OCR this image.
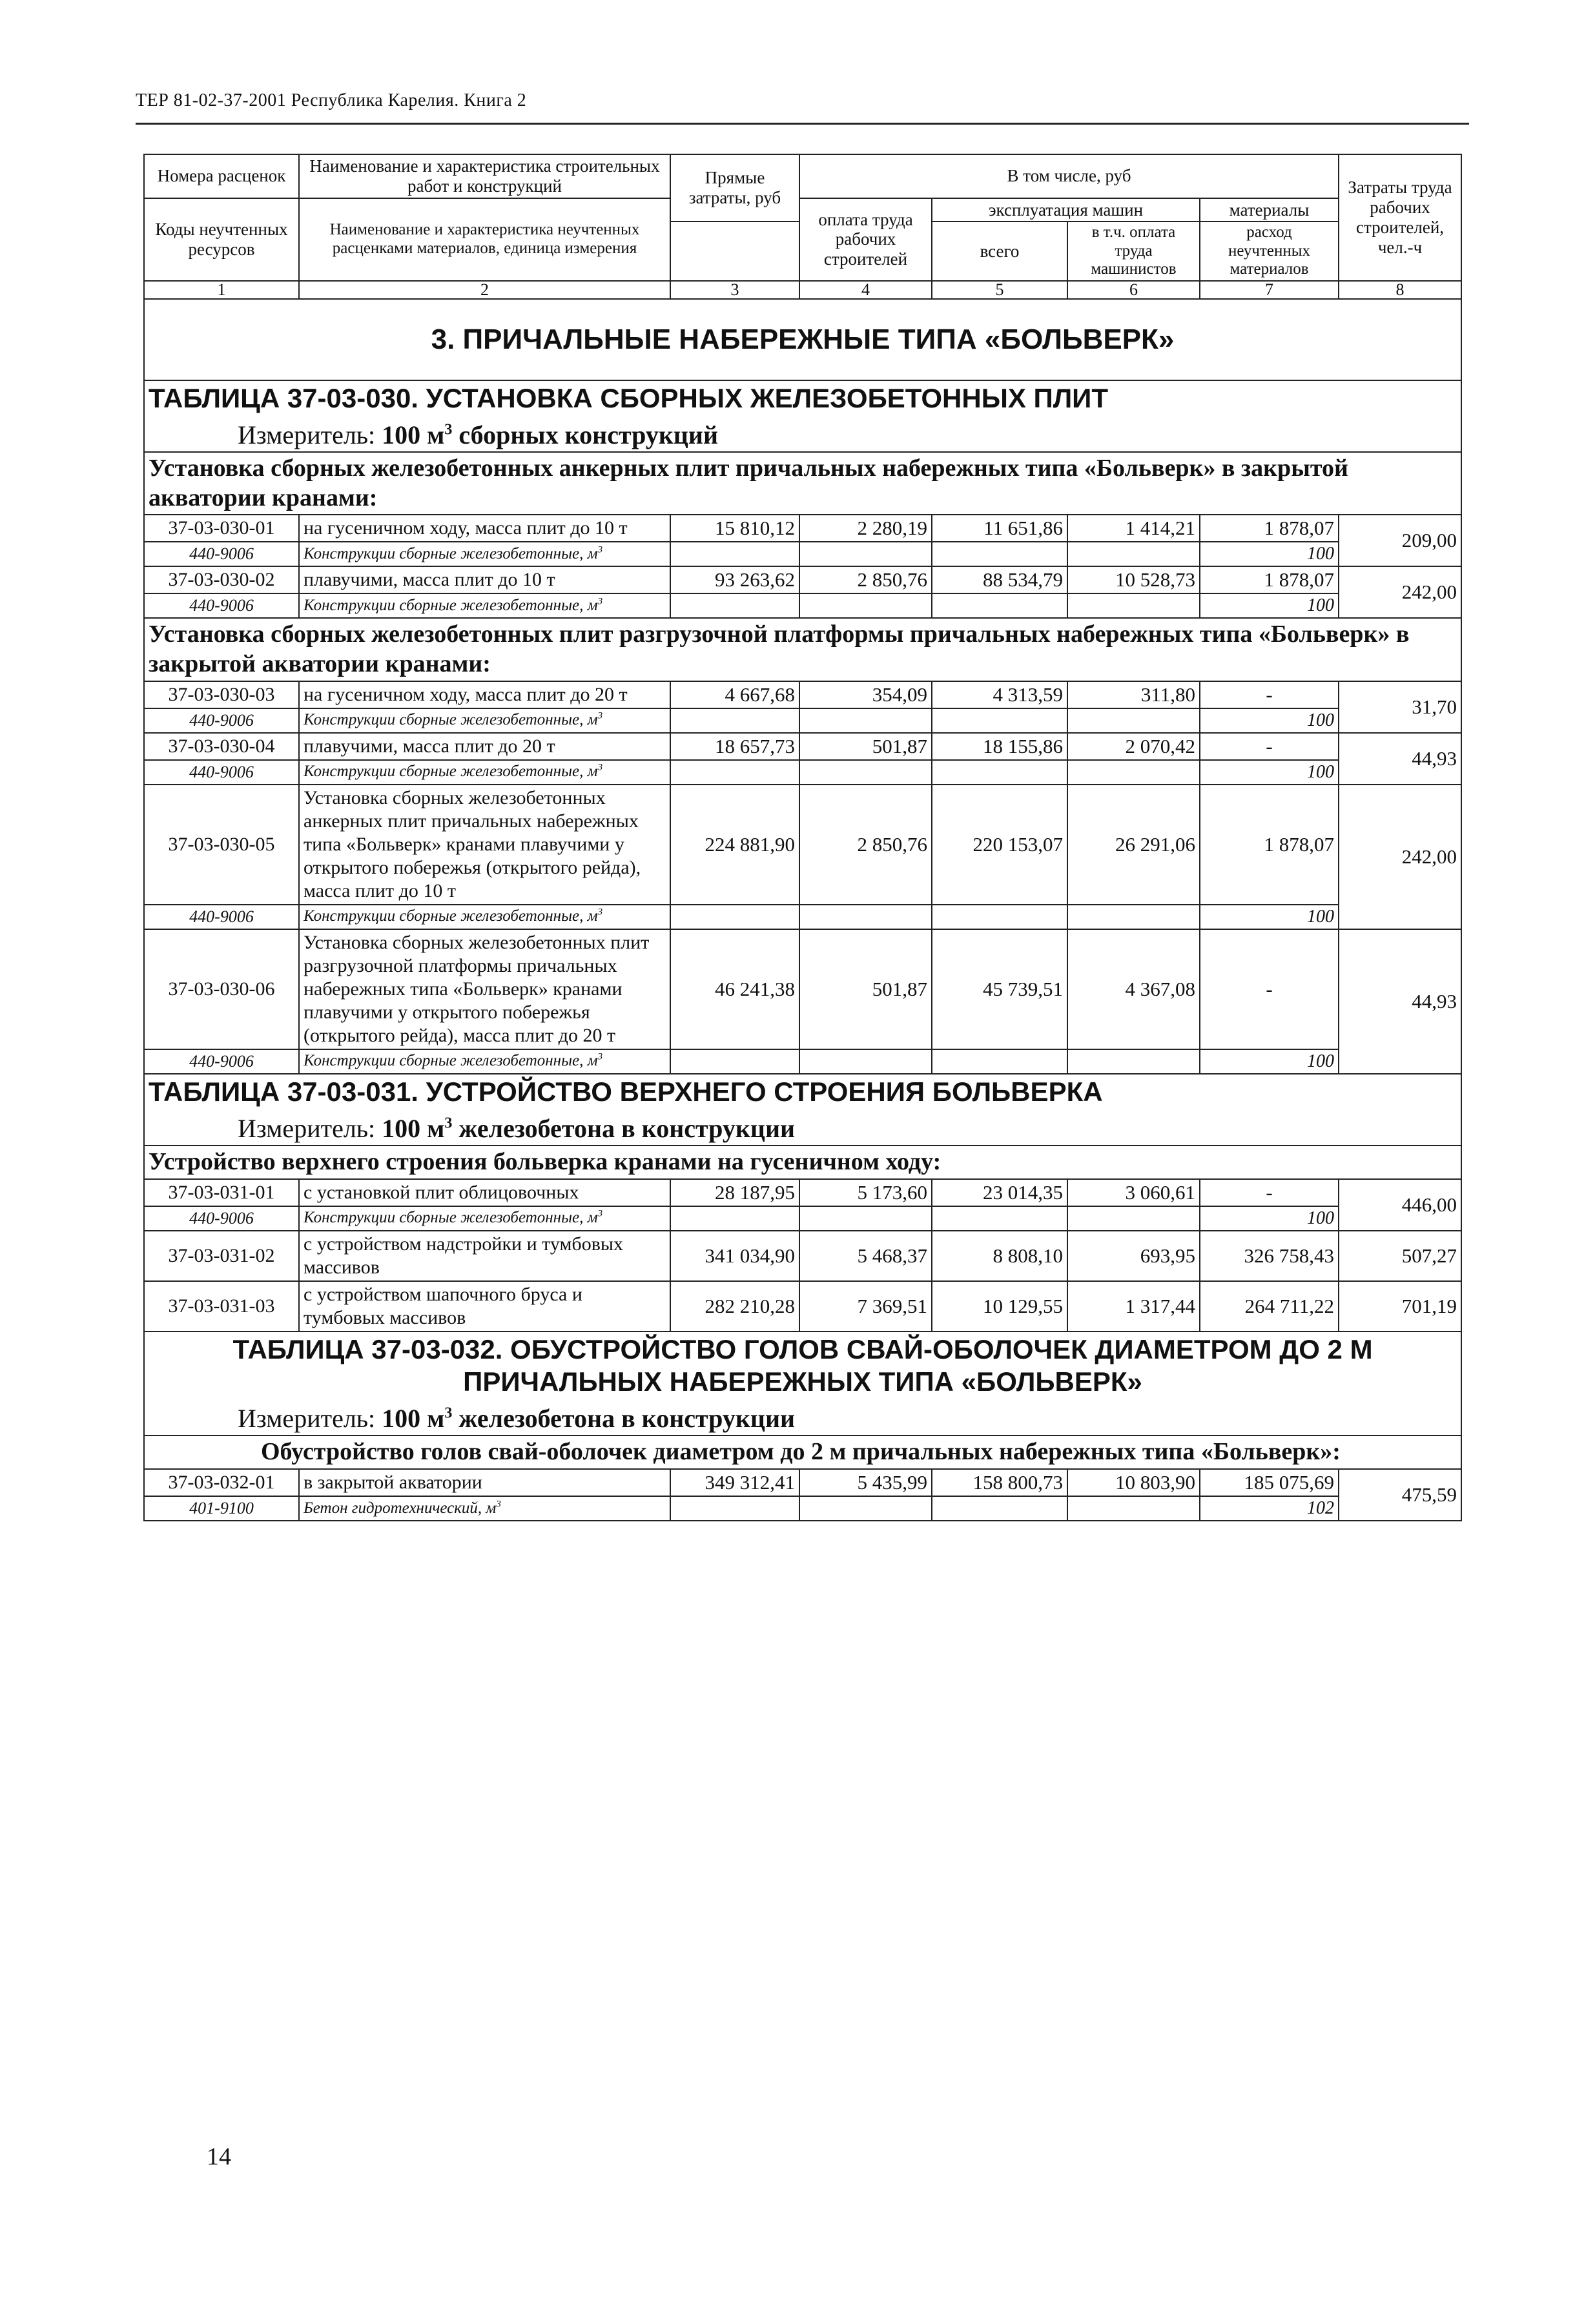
ТЕР 81-02-37-2001 Республика Карелия. Книга 2
Номера расценок	Наименование и характеристика строительных работ и конструкций	Прямые затраты, руб	В том числе, руб				Затраты труда рабочих строителей, чел.-ч
Коды неучтенных ресурсов	Наименование и характеристика неучтенных расценками материалов, единица измерения		оплата труда рабочих строителей	эксплуатация машин		материалы	
				всего	в т.ч. оплата труда машинистов	расход неучтенных материалов	

1	2	3	4	5	6	7	8
3. ПРИЧАЛЬНЫЕ НАБЕРЕЖНЫЕ ТИПА «БОЛЬВЕРК»							

ТАБЛИЦА 37-03-030. УСТАНОВКА СБОРНЫХ ЖЕЛЕЗОБЕТОННЫХ ПЛИТ
Измеритель: 100 $м^3$ сборных конструкций							

Установка сборных железобетонных анкерных плит причальных набережных типа «Больверк» в закрытой акватории кранами:							
37-03-030-01	на гусеничном ходу, масса плит до 10 т	15 810,12	2 280,19	11 651,86	1 414,21	1 878,07	209,00
440-9006	Конструкции сборные железобетонные, $м^3$					100	
37-03-030-02	плавучими, масса плит до 10 т	93 263,62	2 850,76	88 534,79	10 528,73	1 878,07	242,00
440-9006	Конструкции сборные железобетонные, $м^3$					100	
Установка сборных железобетонных плит разгрузочной платформы причальных набережных типа «Больверк» в закрытой акватории кранами:							
37-03-030-03	на гусеничном ходу, масса плит до 20 т	4 667,68	354,09	4 313,59	311,80	-	31,70
440-9006	Конструкции сборные железобетонные, $м^3$					100	
37-03-030-04	плавучими, масса плит до 20 т	18 657,73	501,87	18 155,86	2 070,42	-	44,93
440-9006	Конструкции сборные железобетонные, $м^3$					100	
37-03-030-05	Установка сборных железобетонных анкерных плит причальных набережных типа «Больверк» кранами плавучими у открытого побережья (открытого рейда), масса плит до 10 т	224 881,90	2 850,76	220 153,07	26 291,06	1 878,07	242,00
440-9006	Конструкции сборные железобетонные, $м^3$					100	
37-03-030-06	Установка сборных железобетонных плит разгрузочной платформы причальных набережных типа «Больверк» кранами плавучими у открытого побережья (открытого рейда), масса плит до 20 т	46 241,38	501,87	45 739,51	4 367,08	-	44,93
440-9006	Конструкции сборные железобетонные, $м^3$					100	

ТАБЛИЦА 37-03-031. УСТРОЙСТВО ВЕРХНЕГО СТРОЕНИЯ БОЛЬВЕРКА
Измеритель: 100 $м^3$ железобетона в конструкции							

Устройство верхнего строения больверка кранами на гусеничном ходу:							
37-03-031-01	с установкой плит облицовочных	28 187,95	5 173,60	23 014,35	3 060,61	-	446,00
440-9006	Конструкции сборные железобетонные, $м^3$					100	
37-03-031-02	с устройством надстройки и тумбовых массивов	341 034,90	5 468,37	8 808,10	693,95	326 758,43	507,27
37-03-031-03	с устройством шапочного бруса и тумбовых массивов	282 210,28	7 369,51	10 129,55	1 317,44	264 711,22	701,19

ТАБЛИЦА 37-03-032. ОБУСТРОЙСТВО ГОЛОВ СВАЙ-ОБОЛОЧЕК ДИАМЕТРОМ ДО 2 М
ПРИЧАЛЬНЫХ НАБЕРЕЖНЫХ ТИПА «БОЛЬВЕРК»
Измеритель: 100 $м^3$ железобетона в конструкции							

Обустройство голов свай-оболочек диаметром до 2 м причальных набережных типа «Больверк»:							
37-03-032-01	в закрытой акватории	349 312,41	5 435,99	158 800,73	10 803,90	185 075,69	475,59
401-9100	Бетон гидротехнический, $м^3$					102	
14
